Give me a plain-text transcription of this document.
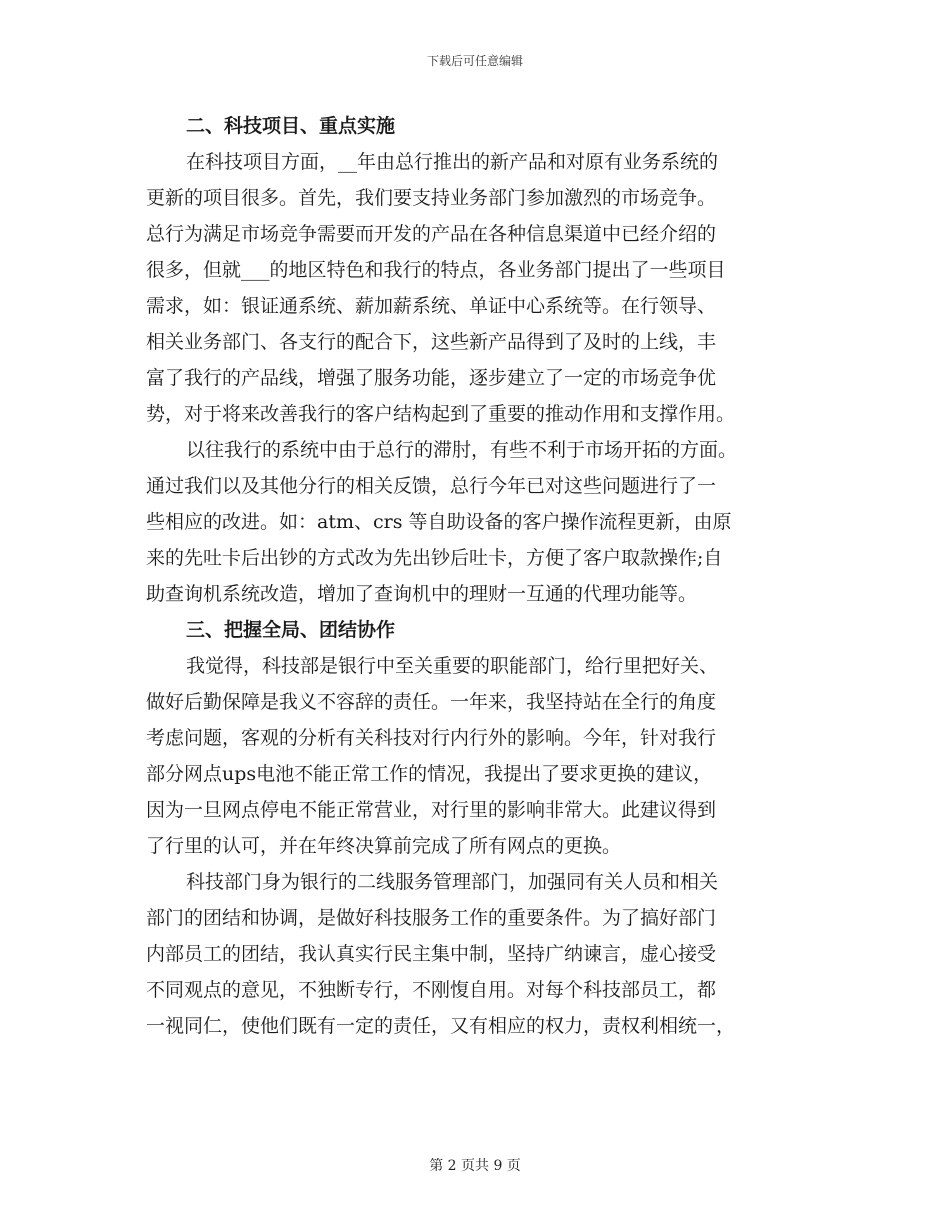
下载后可任意编辑
二、科技项目、重点实施
在科技项目方面，__年由总行推出的新产品和对原有业务系统的
更新的项目很多。首先，我们要支持业务部门参加激烈的市场竞争。
总行为满足市场竞争需要而开发的产品在各种信息渠道中已经介绍的
很多，但就___的地区特色和我行的特点，各业务部门提出了一些项目
需求，如：银证通系统、薪加薪系统、单证中心系统等。在行领导、
相关业务部门、各支行的配合下，这些新产品得到了及时的上线，丰
富了我行的产品线，增强了服务功能，逐步建立了一定的市场竞争优
势，对于将来改善我行的客户结构起到了重要的推动作用和支撑作用。
以往我行的系统中由于总行的滞肘，有些不利于市场开拓的方面。
通过我们以及其他分行的相关反馈，总行今年已对这些问题进行了一
些相应的改进。如：atm、crs 等自助设备的客户操作流程更新，由原
来的先吐卡后出钞的方式改为先出钞后吐卡，方便了客户取款操作;自
助查询机系统改造，增加了查询机中的理财一互通的代理功能等。
三、把握全局、团结协作
我觉得，科技部是银行中至关重要的职能部门，给行里把好关、
做好后勤保障是我义不容辞的责任。一年来，我坚持站在全行的角度
考虑问题，客观的分析有关科技对行内行外的影响。今年，针对我行
部分网点ups电池不能正常工作的情况，我提出了要求更换的建议，
因为一旦网点停电不能正常营业，对行里的影响非常大。此建议得到
了行里的认可，并在年终决算前完成了所有网点的更换。
科技部门身为银行的二线服务管理部门，加强同有关人员和相关
部门的团结和协调，是做好科技服务工作的重要条件。为了搞好部门
内部员工的团结，我认真实行民主集中制，坚持广纳谏言，虚心接受
不同观点的意见，不独断专行，不刚愎自用。对每个科技部员工，都
一视同仁，使他们既有一定的责任，又有相应的权力，责权利相统一，
第 2 页共 9 页
